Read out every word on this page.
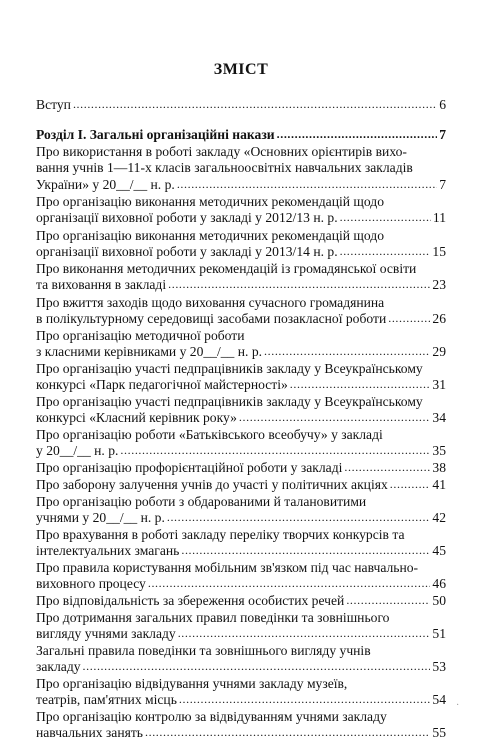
ЗМІСТ
Вступ .....	6
Розділ І. Загальні організаційні накази .....	7
Про використання в роботі закладу «Основних орієнтирів вихо-
вання учнів 1—11-х класів загальноосвітніх навчальних закладів
України» у 20__/__ н. р. .....	7
Про організацію виконання методичних рекомендацій щодо
організації виховної роботи у закладі у 2012/13 н. р. .....	11
Про організацію виконання методичних рекомендацій щодо
організації виховної роботи у закладі у 2013/14 н. р. .....	15
Про виконання методичних рекомендацій із громадянської освіти
та виховання в закладі .....	23
Про вжиття заходів щодо виховання сучасного громадянина
в полікультурному середовищі засобами позакласної роботи .....	26
Про організацію методичної роботи
з класними керівниками у 20__/__ н. р. .....	29
Про організацію участі педпрацівників закладу у Всеукраїнському
конкурсі «Парк педагогічної майстерності» .....	31
Про організацію участі педпрацівників закладу у Всеукраїнському
конкурсі «Класний керівник року» .....	34
Про організацію роботи «Батьківського всеобучу» у закладі
у 20__/__ н. р. .....	35
Про організацію профорієнтаційної роботи у закладі .....	38
Про заборону залучення учнів до участі у політичних акціях .....	41
Про організацію роботи з обдарованими й талановитими
учнями у 20__/__ н. р. .....	42
Про врахування в роботі закладу переліку творчих конкурсів та
інтелектуальних змагань .....	45
Про правила користування мобільним зв'язком під час навчально-
виховного процесу .....	46
Про відповідальність за збереження особистих речей .....	50
Про дотримання загальних правил поведінки та зовнішнього
вигляду учнями закладу .....	51
Загальні правила поведінки та зовнішнього вигляду учнів
закладу .....	53
Про організацію відвідування учнями закладу музеїв,
театрів, пам'ятних місць .....	54
Про організацію контролю за відвідуванням учнями закладу
навчальних занять .....	55
·
